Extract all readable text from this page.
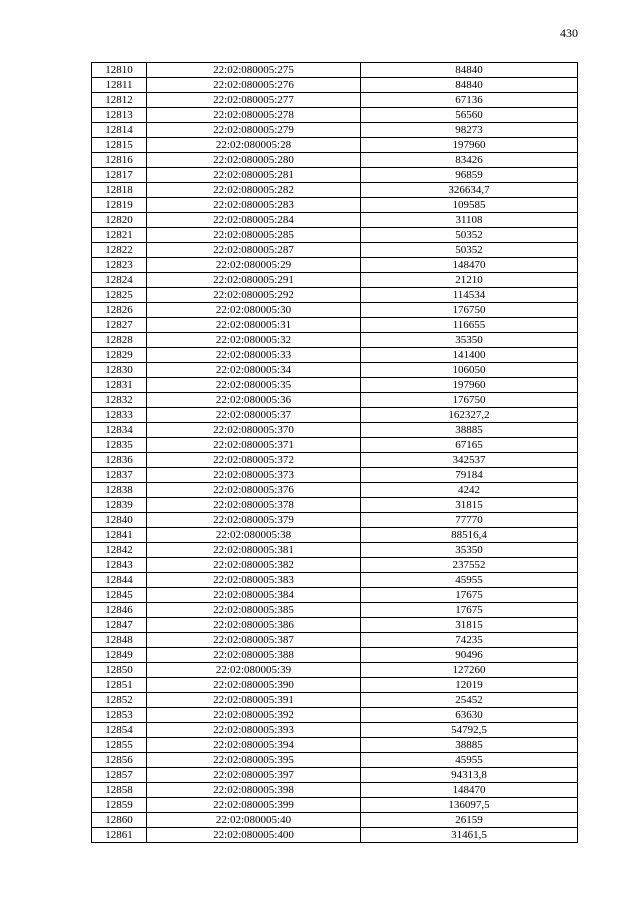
430
12810	22:02:080005:275	84840
12811	22:02:080005:276	84840
12812	22:02:080005:277	67136
12813	22:02:080005:278	56560
12814	22:02:080005:279	98273
12815	22:02:080005:28	197960
12816	22:02:080005:280	83426
12817	22:02:080005:281	96859
12818	22:02:080005:282	326634,7
12819	22:02:080005:283	109585
12820	22:02:080005:284	31108
12821	22:02:080005:285	50352
12822	22:02:080005:287	50352
12823	22:02:080005:29	148470
12824	22:02:080005:291	21210
12825	22:02:080005:292	114534
12826	22:02:080005:30	176750
12827	22:02:080005:31	116655
12828	22:02:080005:32	35350
12829	22:02:080005:33	141400
12830	22:02:080005:34	106050
12831	22:02:080005:35	197960
12832	22:02:080005:36	176750
12833	22:02:080005:37	162327,2
12834	22:02:080005:370	38885
12835	22:02:080005:371	67165
12836	22:02:080005:372	342537
12837	22:02:080005:373	79184
12838	22:02:080005:376	4242
12839	22:02:080005:378	31815
12840	22:02:080005:379	77770
12841	22:02:080005:38	88516,4
12842	22:02:080005:381	35350
12843	22:02:080005:382	237552
12844	22:02:080005:383	45955
12845	22:02:080005:384	17675
12846	22:02:080005:385	17675
12847	22:02:080005:386	31815
12848	22:02:080005:387	74235
12849	22:02:080005:388	90496
12850	22:02:080005:39	127260
12851	22:02:080005:390	12019
12852	22:02:080005:391	25452
12853	22:02:080005:392	63630
12854	22:02:080005:393	54792,5
12855	22:02:080005:394	38885
12856	22:02:080005:395	45955
12857	22:02:080005:397	94313,8
12858	22:02:080005:398	148470
12859	22:02:080005:399	136097,5
12860	22:02:080005:40	26159
12861	22:02:080005:400	31461,5
